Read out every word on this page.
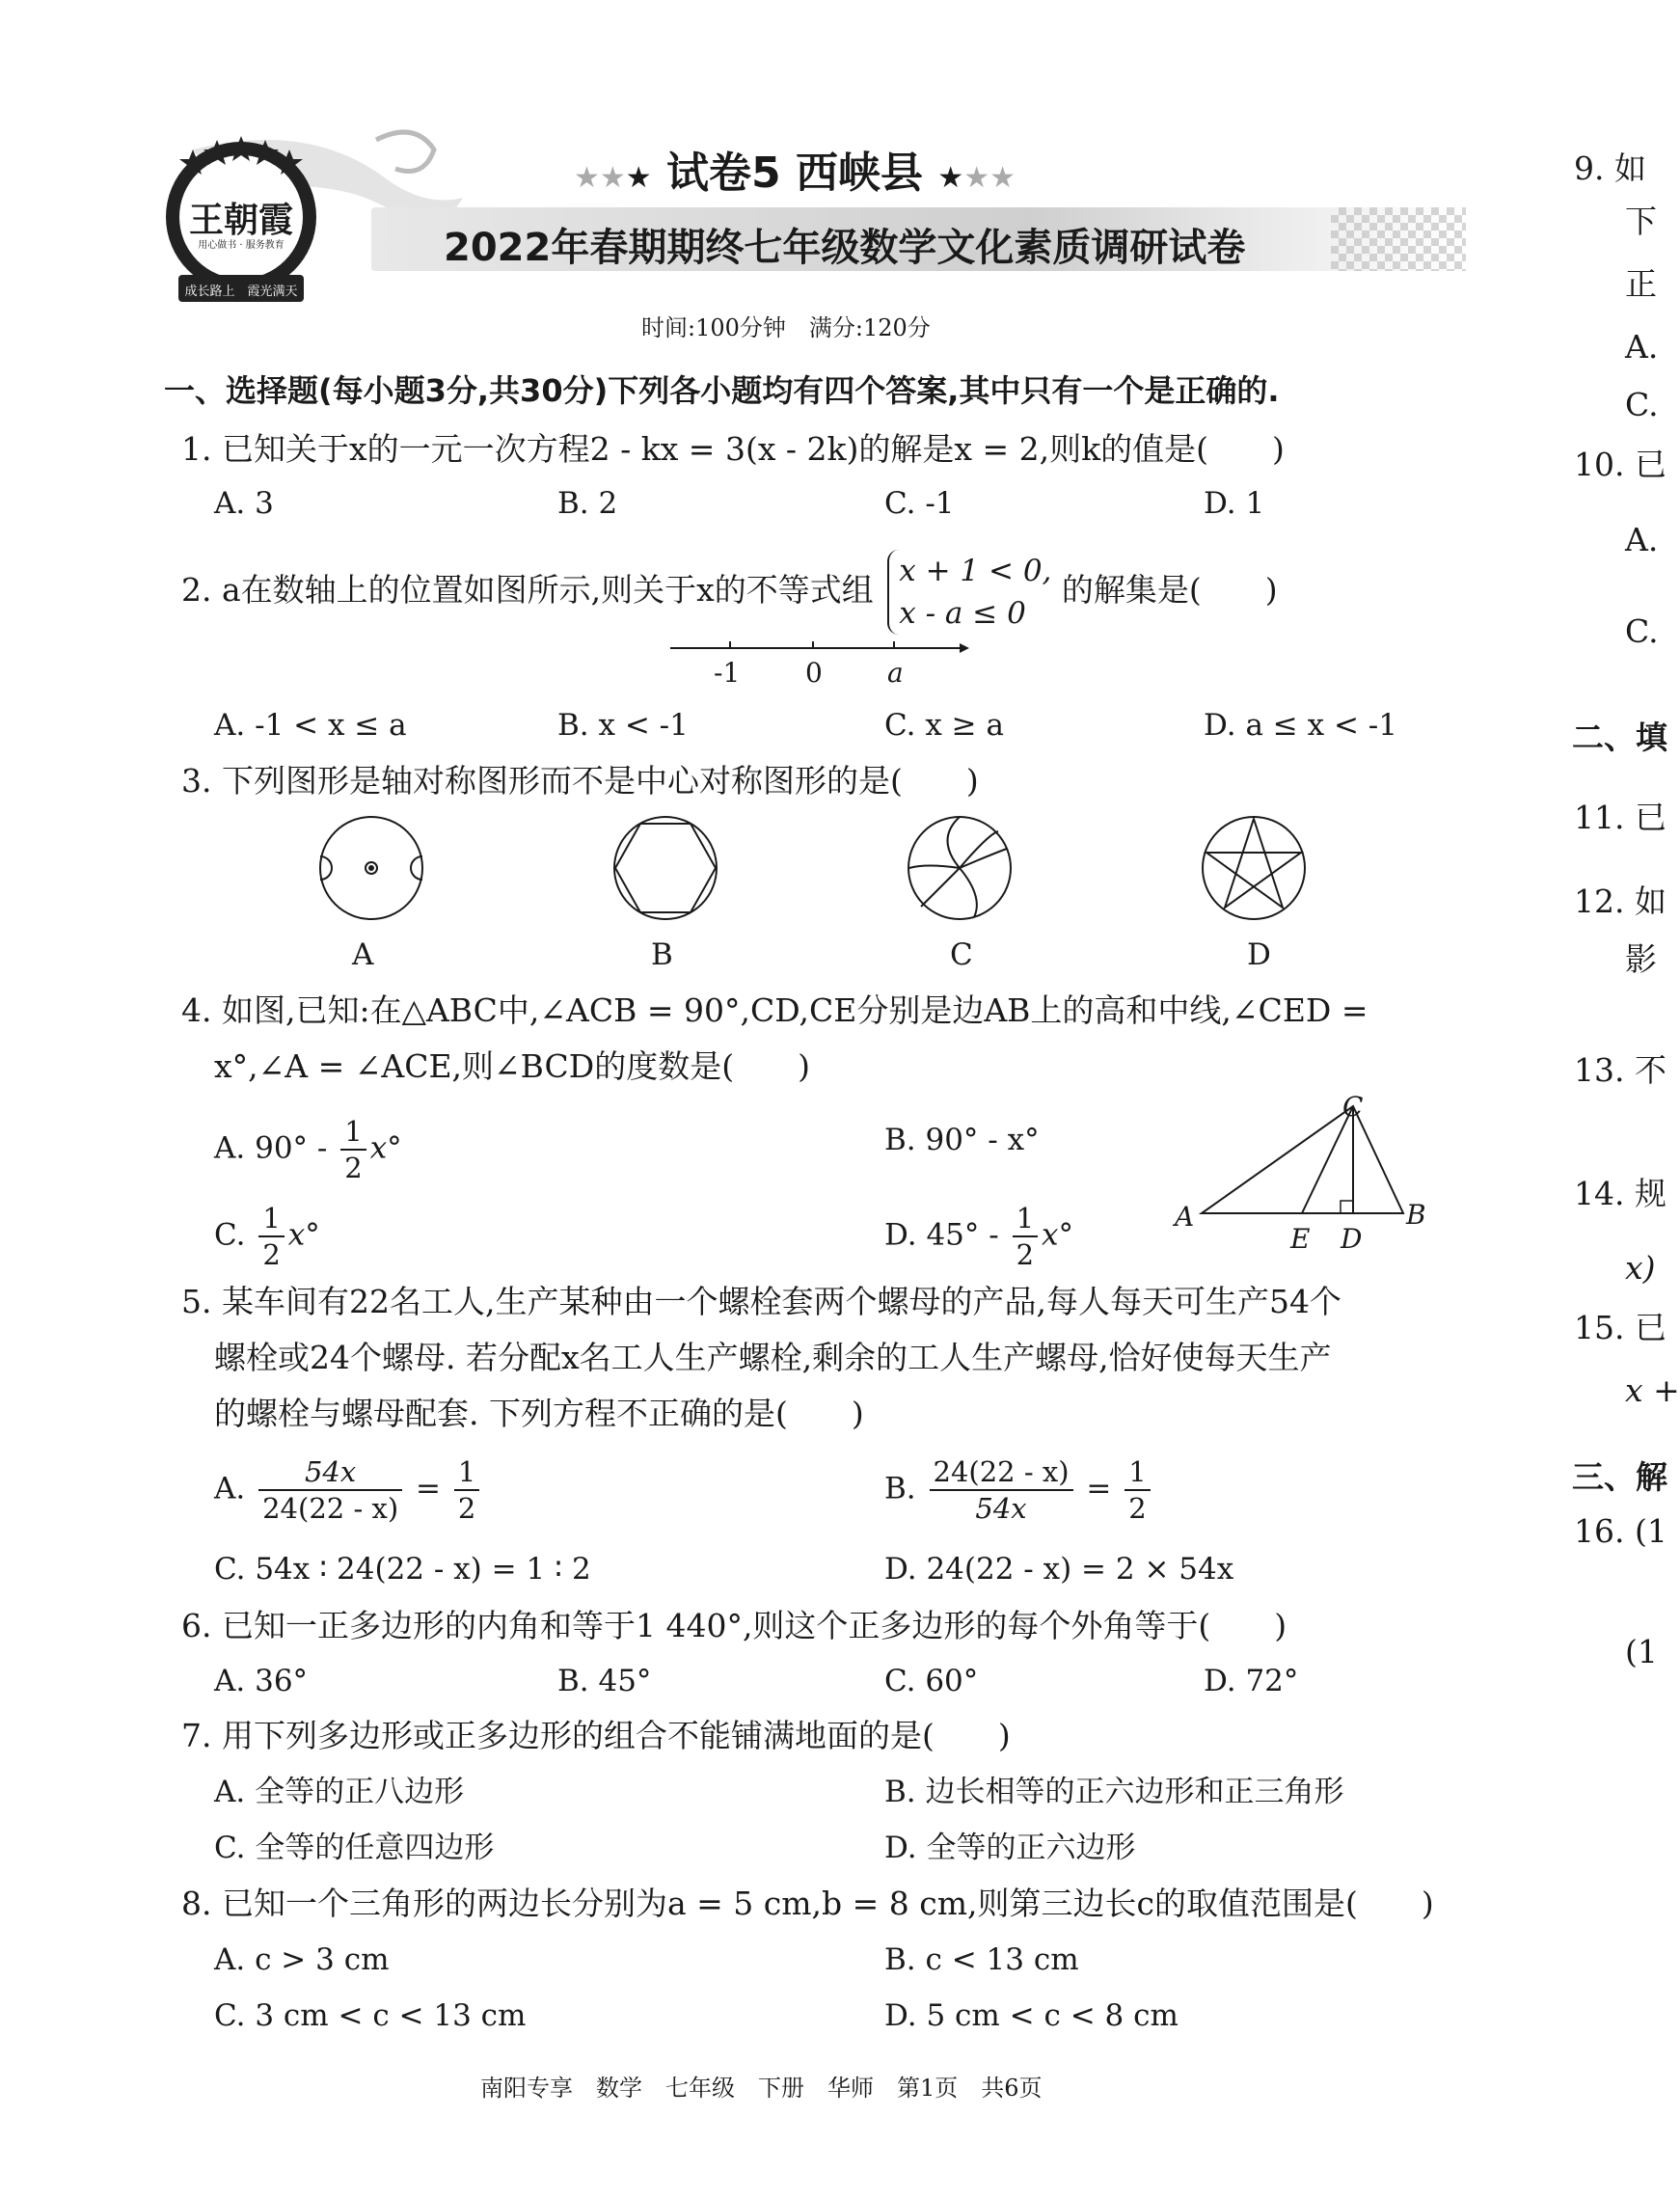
王朝霞
用心做书 · 服务教育
成长路上　霞光满天
★★★ 试卷5 西峡县 ★★★
2022年春期期终七年级数学文化素质调研试卷
时间:100分钟　满分:120分
一、选择题(每小题3分,共30分)下列各小题均有四个答案,其中只有一个是正确的.
1. 已知关于x的一元一次方程2 - kx = 3(x - 2k)的解是x = 2,则k的值是(　　)
A. 3	B. 2	C. -1	D. 1
2. a在数轴上的位置如图所示,则关于x的不等式组 x + 1 < 0,
x - a ≤ 0
的解集是(　　)
-1 0 a
A. -1 < x ≤ a	B. x < -1	C. x ≥ a	D. a ≤ x < -1
3. 下列图形是轴对称图形而不是中心对称图形的是(　　)
A	B	C	D
4. 如图,已知:在△ABC中,∠ACB = 90°,CD,CE分别是边AB上的高和中线,∠CED =
x°,∠A = ∠ACE,则∠BCD的度数是(　　)
A. $90^\circ - \frac{1}{2} x^\circ$	B. 90° - x°
C. $\frac{1}{2} x^\circ$	D. $45^\circ - \frac{1}{2} x^\circ$
C
A	B
E D
5. 某车间有22名工人,生产某种由一个螺栓套两个螺母的产品,每人每天可生产54个
螺栓或24个螺母. 若分配x名工人生产螺栓,剩余的工人生产螺母,恰好使每天生产
的螺栓与螺母配套. 下列方程不正确的是(　　)
A. $\frac{54x}{24(22 - x)} = \frac{1}{2}$	B. $\frac{24(22 - x)}{54x} = \frac{1}{2}$
C. 54x ∶ 24(22 - x) = 1 ∶ 2	D. 24(22 - x) = 2 × 54x
6. 已知一正多边形的内角和等于1 440°,则这个正多边形的每个外角等于(　　)
A. 36°	B. 45°	C. 60°	D. 72°
7. 用下列多边形或正多边形的组合不能铺满地面的是(　　)
A. 全等的正八边形	B. 边长相等的正六边形和正三角形
C. 全等的任意四边形	D. 全等的正六边形
8. 已知一个三角形的两边长分别为a = 5 cm,b = 8 cm,则第三边长c的取值范围是(　　)
A. c > 3 cm	B. c < 13 cm
C. 3 cm < c < 13 cm	D. 5 cm < c < 8 cm
南阳专享　数学　七年级　下册　华师　第1页　共6页
9. 如
下
正
A.
C.
10. 已
A.
C.
二、填
11. 已
12. 如
影
13. 不
14. 规
x)
15. 已
x +
三、解
16. (1
(1
